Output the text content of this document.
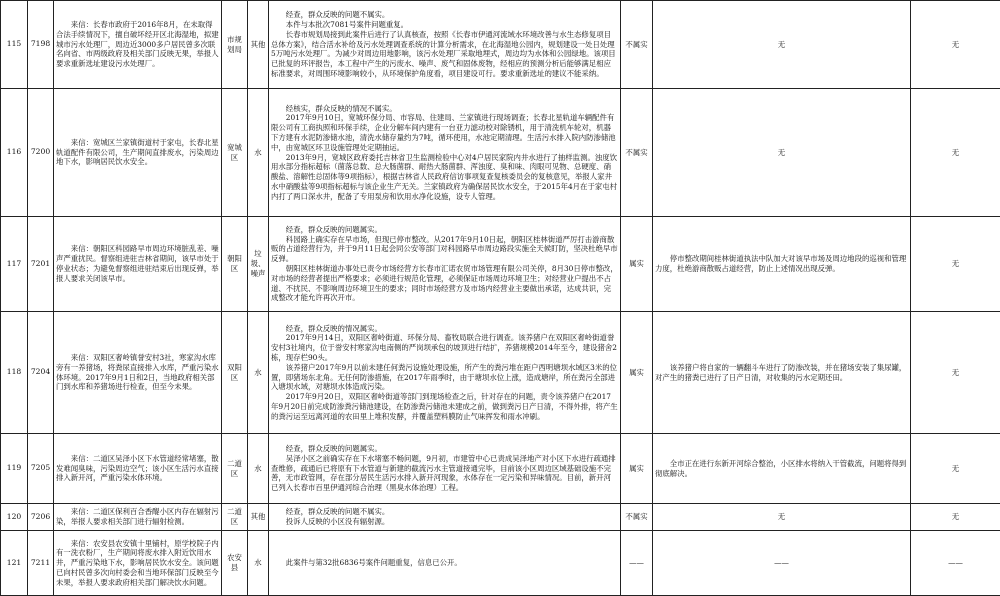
115	7198	来信：长春市政府于2016年8月，在未取得合法手续情况下，擅自破坏经开区北海湿地，拟建城市污水处理厂，周边近3000多户居民曾多次联名向省、市两级政府及相关部门反映无果，举报人要求重新选址建设污水处理厂。	市规划局	其他	经查，群众反映的问题不属实。

本件与本批次7081号案件问题重复。

长春市规划局接到此案件后进行了认真核查，按照《长春市伊通河流域水环境改善与水生态修复项目总体方案》，结合活水补给及污水处理调查系统的计算分析需求，在北海湿地公园内，规划建设一处日处理5万吨污水处理厂。为减少对周边用地影响，该污水处理厂采取地埋式，周边均为水体和公园绿地。该项目已批复的环评报告，本工程中产生的污废水、噪声、废气和固体废物，经相应的预测分析后能够满足相应标准要求，对周围环境影响较小，从环境保护角度看，项目建设可行。要求重新选址的建议不能采纳。	不属实	无	无
116	7200	来信：宽城区兰家镇街道村于家屯，长春北星轨道配件有限公司，生产期间直排废水，污染周边地下水，影响居民饮水安全。	宽城区	水	经核实，群众反映的情况不属实。

2017年9月10日，宽城环保分局、市容局、住建局、兰家镇进行现场调查；长春北星轨道车辆配件有限公司有工商执照和环保手续，企业分解车间内建有一台亚力滤动校对除锈机，用于清洗机车轮对，机器下方建有水泥防渗储水池，清洗水储存量约为7吨，循环使用，水池定期清理。生活污水排入院内防渗储池中，由宽城区环卫设施管理处定期抽运。

2013年9月，宽城区政府委托吉林省卫生监测检验中心对4户居民家院内井水进行了抽样监测。浊度饮用水部分指标超标（菌落总数、总大肠菌群、耐热大肠菌群、浑浊度、臭和味、肉眼可见物、总硬度、硝酸盐、溶解性总固体等9项指标），根据吉林省人民政府信访事项复查复核委员会的复核意见，举报人家井水中硝酸盐等9项指标超标与该企业生产无关。兰家镇政府为确保居民饮水安全，于2015年4月在于家屯村内打了两口深水井，配备了专用泵房和饮用水净化设施，设专人管理。	不属实	无	无
117	7201	来信：朝阳区科园路早市周边环境脏乱差、噪声严重扰民。督察组进驻吉林省期间，该早市处于停业状态；为避免督察组进驻结束后出现反弹，举报人要求关闭该早市。	朝阳区	垃圾、噪声	经查，群众反映的问题属实。

科园路上确实存在早市场，但现已停市整改。从2017年9月10日起，朝阳区桂林街道严厉打击游商散贩的占道经营行为，并于9月11日起会同公安等部门对科园路早市周边路段实施全天候盯防，坚决杜绝早市反弹。

朝阳区桂林街道办事处已责令市场经营方长春市汇诺农贸市场管理有限公司关停，8月30日停市整改，对市场的经营者提出严格要求；必须进行规范化管理，必须保证市场周边环境卫生；对经营业户提出不占道、不扰民、不影响周边环境卫生的要求；同时市场经营方及市场内经营业主要做出承诺，达成共识，完成整改才能允许再次开市。	属实	停市整改期间桂林街道执法中队加大对该早市场及周边地段的巡视和管理力度，杜绝游商散贩占道经营，防止上述情况出现反弹。	无
118	7204	来信：双阳区奢岭镇誉安村3社，寒家沟水库旁有一养猪场，将粪尿直接排入水库，严重污染水体环境。2017年9月1日和2日，当地政府相关部门到水库和养猪场进行检查，但至今未果。	双阳区	水	经查，群众反映的情况属实。

2017年9月14日，双阳区奢岭街道、环保分局、畜牧局联合进行调查。该养猪户在双阳区奢岭街道誉安村3社境内，位于誉安村寒家沟电南侧的严岗坝承包的坡顶进行结扩，养猪规模2014年至今，建设猪舍2栋，现存栏90头。

该养猪户2017年9月以前未建任何粪污设施处理设施，所产生的粪污堆在距户西明塘坝水域区3米的位置，即猪场东北角。无任何防渗措施，在2017年雨季时，由于塘坝水位上涨，造成塘岸，所在粪污全部进入塘坝水域，对塘坝水体造成污染。

2017年9月20日，双阳区奢岭街道等部门到现场检查之后，针对存在的问题，责令该养猪户在2017年9月20日前完成防渗粪污储池建设，在防渗粪污储池未建成之前，做到粪污日产日清，不得外排，将产生的粪污运至远离河道的农田里上堆积发酵，并覆盖塑料膜防止气味挥发和雨水冲刷。	属实	该养猪户将自家的一辆翻斗车进行了防渗改装，并在猪场安装了集尿罐，对产生的猪粪已进行了日产日清，对收集的污水定期还田。	无
119	7205	来信：二道区吴泽小区下水管道经常堵塞，散发难闻臭味，污染周边空气；该小区生活污水直接排入新开河，严重污染水体环境。	二道区	水	经查，群众反映的问题属实。

吴泽小区之前确实存在下水堵塞不畅问题，9月初，市建管中心已责成吴泽地产对小区下水进行疏通排查维修，疏通后已将原有下水管道与新建的截流污水主管道接通完毕，目前该小区周边区域基础设施不完善，无市政管网，存在部分居民生活污水排入新开河现象，水体存在一定污染和异味情况。目前，新开河已列入长春市百里伊通河综合治理（黑臭水体治理）工程。	属实	全市正在进行东新开河综合整治，小区排水将纳入干管截流，问题将得到彻底解决。	无
120	7206	来信：二道区保利百合香醍小区内存在辐射污染，举报人要求相关部门进行辐射检测。	二道区	其他	经查，群众反映的问题不属实。

投诉人反映的小区没有辐射源。	不属实	无	无
121	7211	来信：农安县农安镇十里铺村，原学校院子内有一洗衣粉厂，生产期间将废水排入附近饮用水井，严重污染地下水，影响居民饮水安全。该问题已向村民曾多次向村委会和当地环保部门反映至今未果，举报人要求政府相关部门解决饮水问题。	农安县	水	此案件与第32批6836号案件问题重复，信息已公开。	——	——	——
